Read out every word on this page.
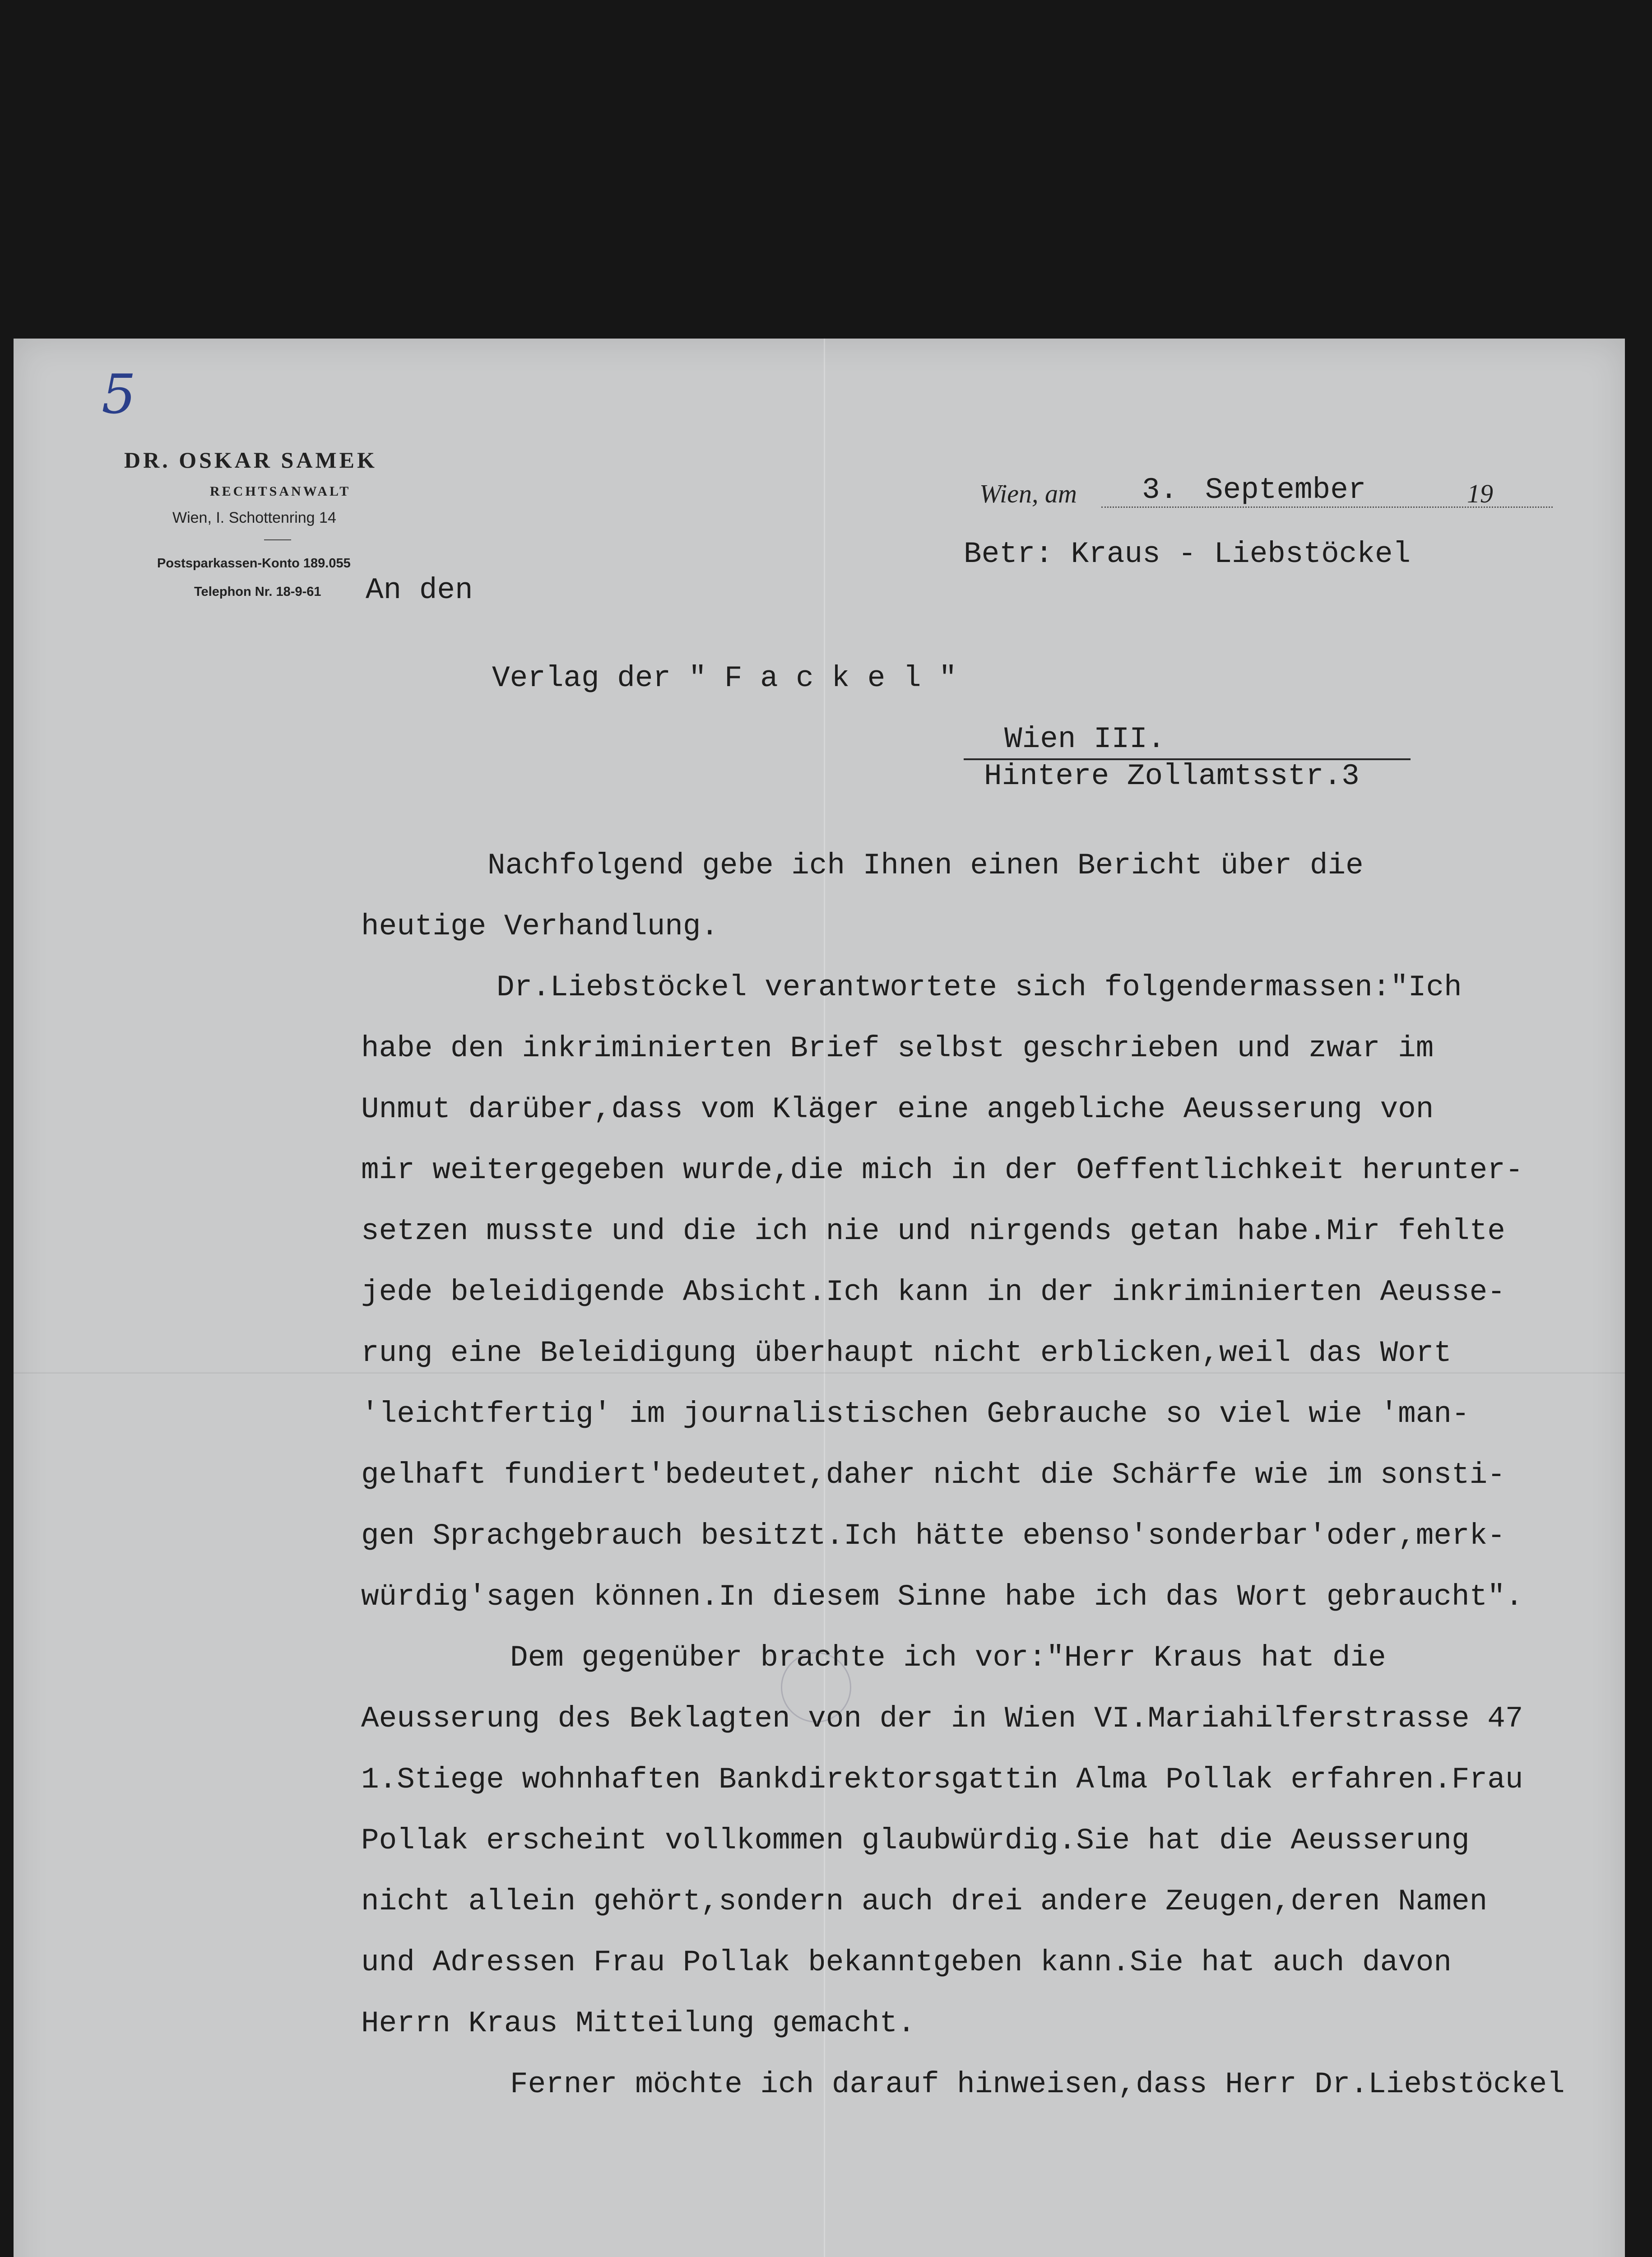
5
DR. OSKAR SAMEK
RECHTSANWALT
Wien, I. Schottenring 14
Postsparkassen-Konto 189.055
Telephon Nr. 18-9-61
Wien, am 3. September	19
Betr: Kraus - Liebstöckel
An den
Verlag der " F a c k e l "
Wien III.
Hintere Zollamtsstr.3
Nachfolgend gebe ich Ihnen einen Bericht über die
heutige Verhandlung.
Dr.Liebstöckel verantwortete sich folgendermassen:"Ich
habe den inkriminierten Brief selbst geschrieben und zwar im
Unmut darüber,dass vom Kläger eine angebliche Aeusserung von
mir weitergegeben wurde,die mich in der Oeffentlichkeit herunter-
setzen musste und die ich nie und nirgends getan habe.Mir fehlte
jede beleidigende Absicht.Ich kann in der inkriminierten Aeusse-
rung eine Beleidigung überhaupt nicht erblicken,weil das Wort
'leichtfertig' im journalistischen Gebrauche so viel wie 'man-
gelhaft fundiert'bedeutet,daher nicht die Schärfe wie im sonsti-
gen Sprachgebrauch besitzt.Ich hätte ebenso'sonderbar'oder,merk-
würdig'sagen können.In diesem Sinne habe ich das Wort gebraucht".
Dem gegenüber brachte ich vor:"Herr Kraus hat die
Aeusserung des Beklagten von der in Wien VI.Mariahilferstrasse 47
1.Stiege wohnhaften Bankdirektorsgattin Alma Pollak erfahren.Frau
Pollak erscheint vollkommen glaubwürdig.Sie hat die Aeusserung
nicht allein gehört,sondern auch drei andere Zeugen,deren Namen
und Adressen Frau Pollak bekanntgeben kann.Sie hat auch davon
Herrn Kraus Mitteilung gemacht.
Ferner möchte ich darauf hinweisen,dass Herr Dr.Liebstöckel
